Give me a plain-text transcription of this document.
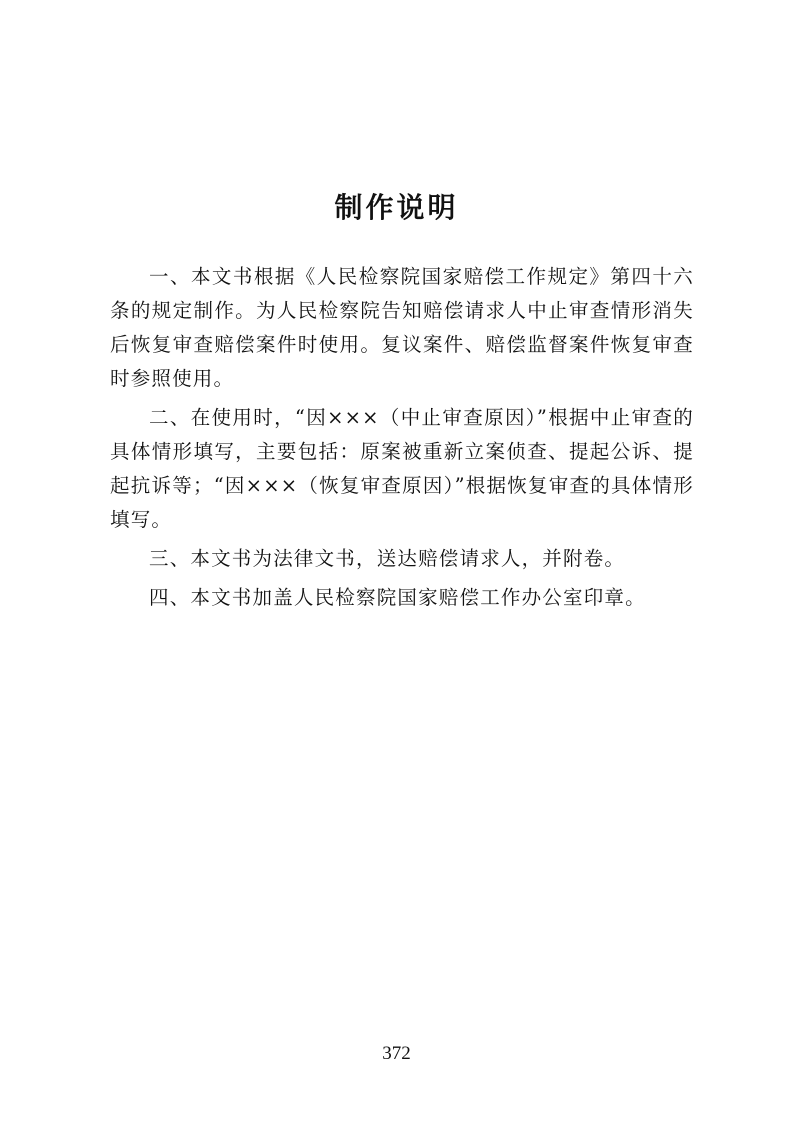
制作说明

一、本文书根据《人民检察院国家赔偿工作规定》第四十六条的规定制作。为人民检察院告知赔偿请求人中止审查情形消失后恢复审查赔偿案件时使用。复议案件、赔偿监督案件恢复审查时参照使用。

二、在使用时，“因×××（中止审查原因）”根据中止审查的具体情形填写，主要包括：原案被重新立案侦查、提起公诉、提起抗诉等；“因×××（恢复审查原因）”根据恢复审查的具体情形填写。

三、本文书为法律文书，送达赔偿请求人，并附卷。

四、本文书加盖人民检察院国家赔偿工作办公室印章。

372
